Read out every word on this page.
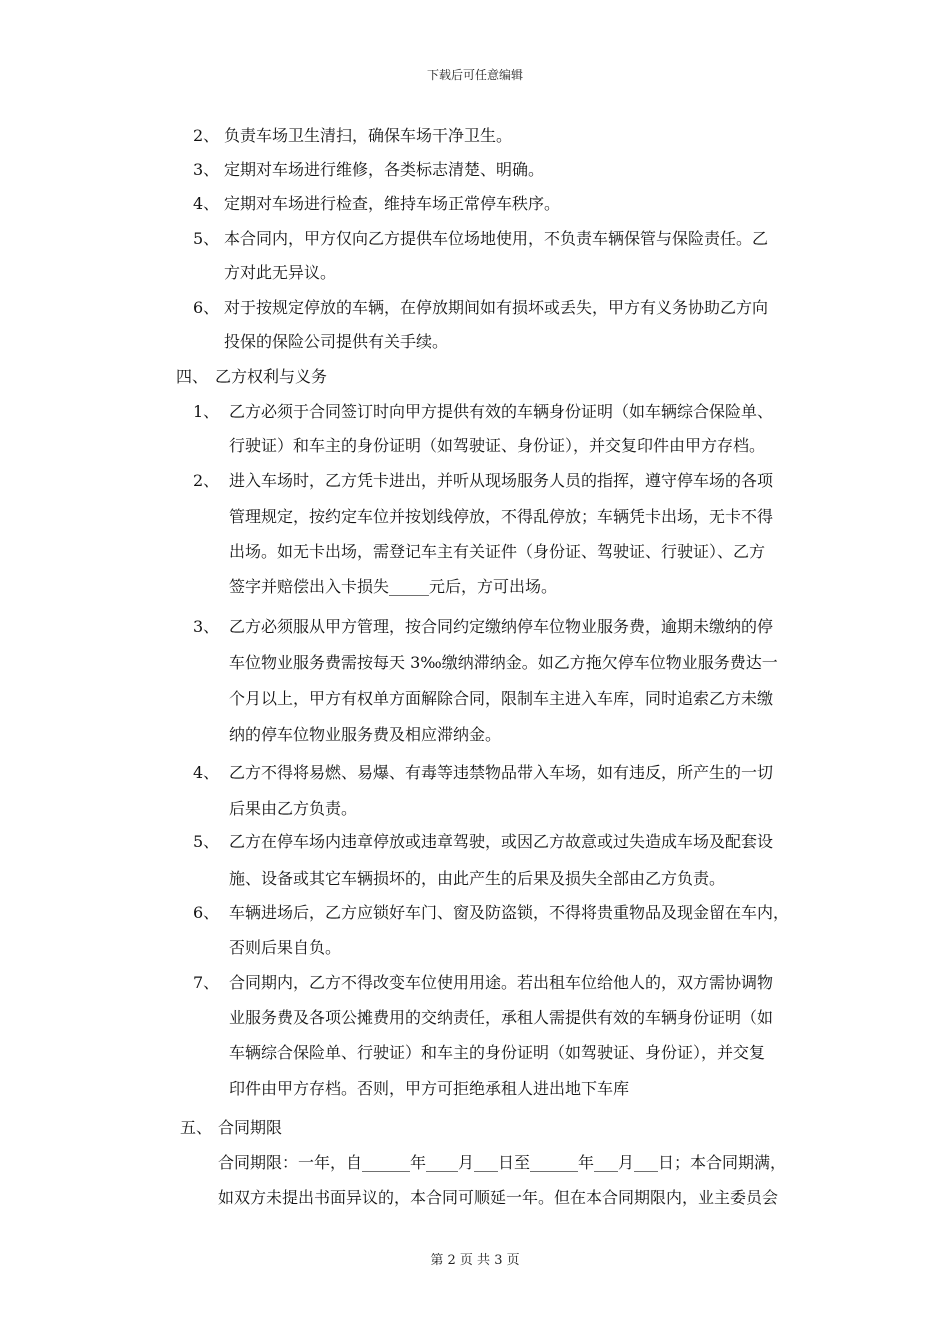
下载后可任意编辑
2、 负责车场卫生清扫，确保车场干净卫生。
3、 定期对车场进行维修，各类标志清楚、明确。
4、 定期对车场进行检查，维持车场正常停车秩序。
5、 本合同内，甲方仅向乙方提供车位场地使用，不负责车辆保管与保险责任。乙
方对此无异议。
6、 对于按规定停放的车辆，在停放期间如有损坏或丢失，甲方有义务协助乙方向
投保的保险公司提供有关手续。
四、 乙方权利与义务
1、 乙方必须于合同签订时向甲方提供有效的车辆身份证明（如车辆综合保险单、
行驶证）和车主的身份证明（如驾驶证、身份证），并交复印件由甲方存档。
2、 进入车场时，乙方凭卡进出，并听从现场服务人员的指挥，遵守停车场的各项
管理规定，按约定车位并按划线停放，不得乱停放；车辆凭卡出场，无卡不得
出场。如无卡出场，需登记车主有关证件（身份证、驾驶证、行驶证）、乙方
签字并赔偿出入卡损失_____元后，方可出场。
3、 乙方必须服从甲方管理，按合同约定缴纳停车位物业服务费，逾期未缴纳的停
车位物业服务费需按每天 3‰缴纳滞纳金。如乙方拖欠停车位物业服务费达一
个月以上，甲方有权单方面解除合同，限制车主进入车库，同时追索乙方未缴
纳的停车位物业服务费及相应滞纳金。
4、 乙方不得将易燃、易爆、有毒等违禁物品带入车场，如有违反，所产生的一切
后果由乙方负责。
5、 乙方在停车场内违章停放或违章驾驶，或因乙方故意或过失造成车场及配套设
施、设备或其它车辆损坏的，由此产生的后果及损失全部由乙方负责。
6、 车辆进场后，乙方应锁好车门、窗及防盗锁，不得将贵重物品及现金留在车内，
否则后果自负。
7、 合同期内，乙方不得改变车位使用用途。若出租车位给他人的，双方需协调物
业服务费及各项公摊费用的交纳责任，承租人需提供有效的车辆身份证明（如
车辆综合保险单、行驶证）和车主的身份证明（如驾驶证、身份证），并交复
印件由甲方存档。否则，甲方可拒绝承租人进出地下车库
五、 合同期限
合同期限：一年，自______年____月___日至______年___月___日；本合同期满，
如双方未提出书面异议的，本合同可顺延一年。但在本合同期限内，业主委员会
第 2 页 共 3 页
